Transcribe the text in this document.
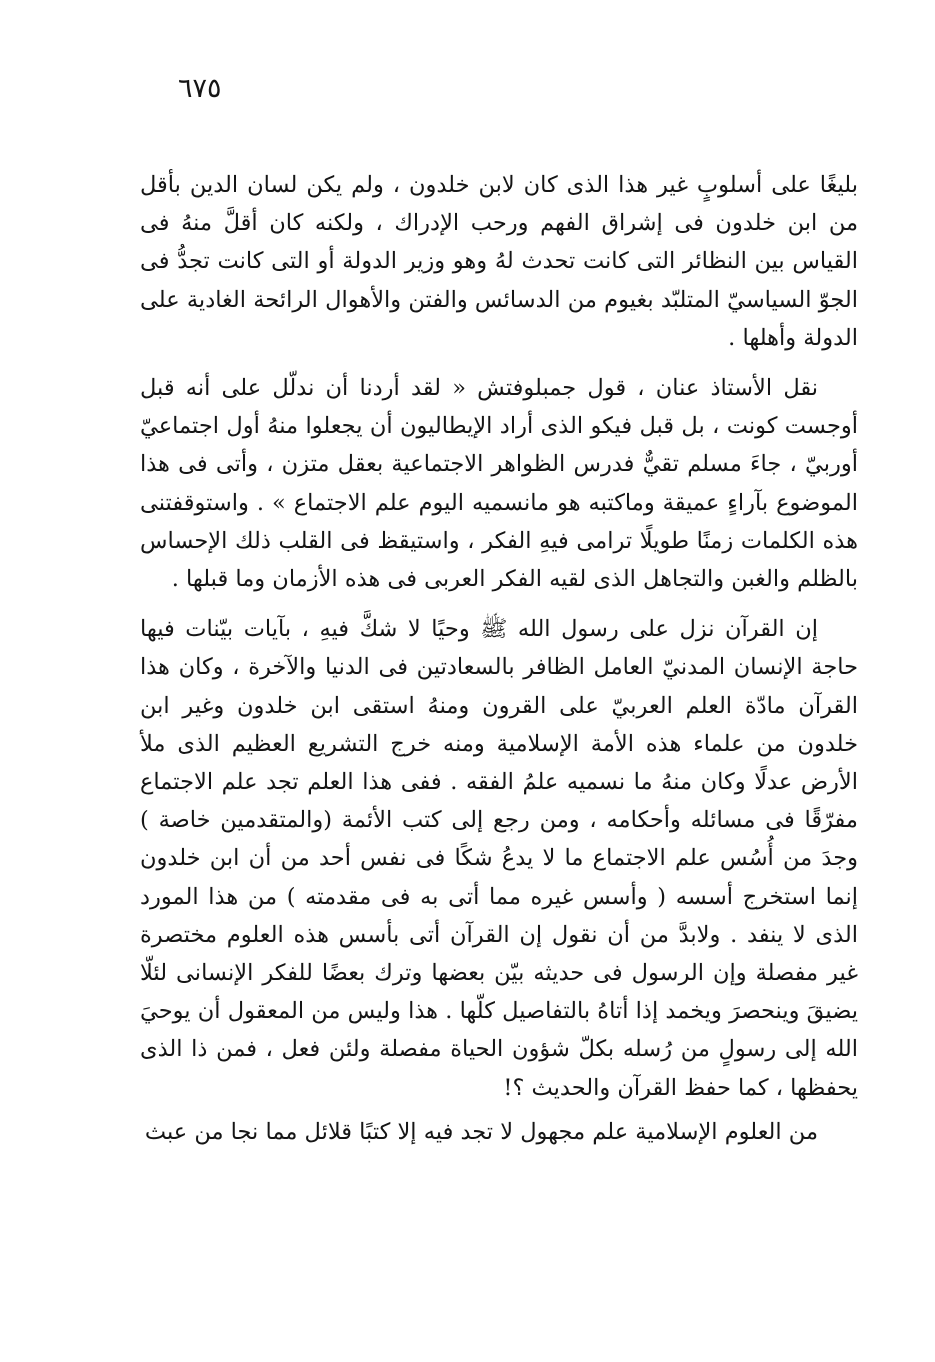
٦٧٥

بليغًا على أسلوبٍ غير هذا الذى كان لابن خلدون ، ولم يكن لسان الدين بأقل من ابن خلدون فى إشراق الفهم ورحب الإدراك ، ولكنه كان أقلَّ منهُ فى القياس بين النظائر التى كانت تحدث لهُ وهو وزير الدولة أو التى كانت تجدُّ فى الجوّ السياسيّ المتلبّد بغيوم من الدسائس والفتن والأهوال الرائحة الغادية على الدولة وأهلها .

نقل الأستاذ عنان ، قول جمبلوفتش « لقد أردنا أن ندلّل على أنه قبل أوجست كونت ، بل قبل فيكو الذى أراد الإيطاليون أن يجعلوا منهُ أول اجتماعيّ أوربيّ ، جاءَ مسلم تقيٌّ فدرس الظواهر الاجتماعية بعقل متزن ، وأتى فى هذا الموضوع بآراءٍ عميقة وماكتبه هو مانسميه اليوم علم الاجتماع » . واستوقفتنى هذه الكلمات زمنًا طويلًا ترامى فيهِ الفكر ، واستيقظ فى القلب ذلك الإحساس بالظلم والغبن والتجاهل الذى لقيه الفكر العربى فى هذه الأزمان وما قبلها .

إن القرآن نزل على رسول الله ﷺ وحيًا لا شكَّ فيهِ ، بآيات بيّنات فيها حاجة الإنسان المدنيّ العامل الظافر بالسعادتين فى الدنيا والآخرة ، وكان هذا القرآن مادّة العلم العربيّ على القرون ومنهُ استقى ابن خلدون وغير ابن خلدون من علماء هذه الأمة الإسلامية ومنه خرج التشريع العظيم الذى ملأ الأرض عدلًا وكان منهُ ما نسميه علمُ الفقه . ففى هذا العلم تجد علم الاجتماع مفرّقًا فى مسائله وأحكامه ، ومن رجع إلى كتب الأئمة (والمتقدمين خاصة ) وجدَ من أُسُس علم الاجتماع ما لا يدعُ شكًا فى نفس أحد من أن ابن خلدون إنما استخرج أسسه ( وأسس غيره مما أتى به فى مقدمته ) من هذا المورد الذى لا ينفد . ولابدَّ من أن نقول إن القرآن أتى بأسس هذه العلوم مختصرة غير مفصلة وإن الرسول فى حديثه بيّن بعضها وترك بعضًا للفكر الإنسانى لئلّا يضيقَ وينحصرَ ويخمد إذا أتاهُ بالتفاصيل كلّها . هذا وليس من المعقول أن يوحيَ الله إلى رسولٍ من رُسله بكلّ شؤون الحياة مفصلة ولئن فعل ، فمن ذا الذى يحفظها ، كما حفظ القرآن والحديث ؟!

من العلوم الإسلامية علم مجهول لا تجد فيه إلا كتبًا قلائل مما نجا من عبث
